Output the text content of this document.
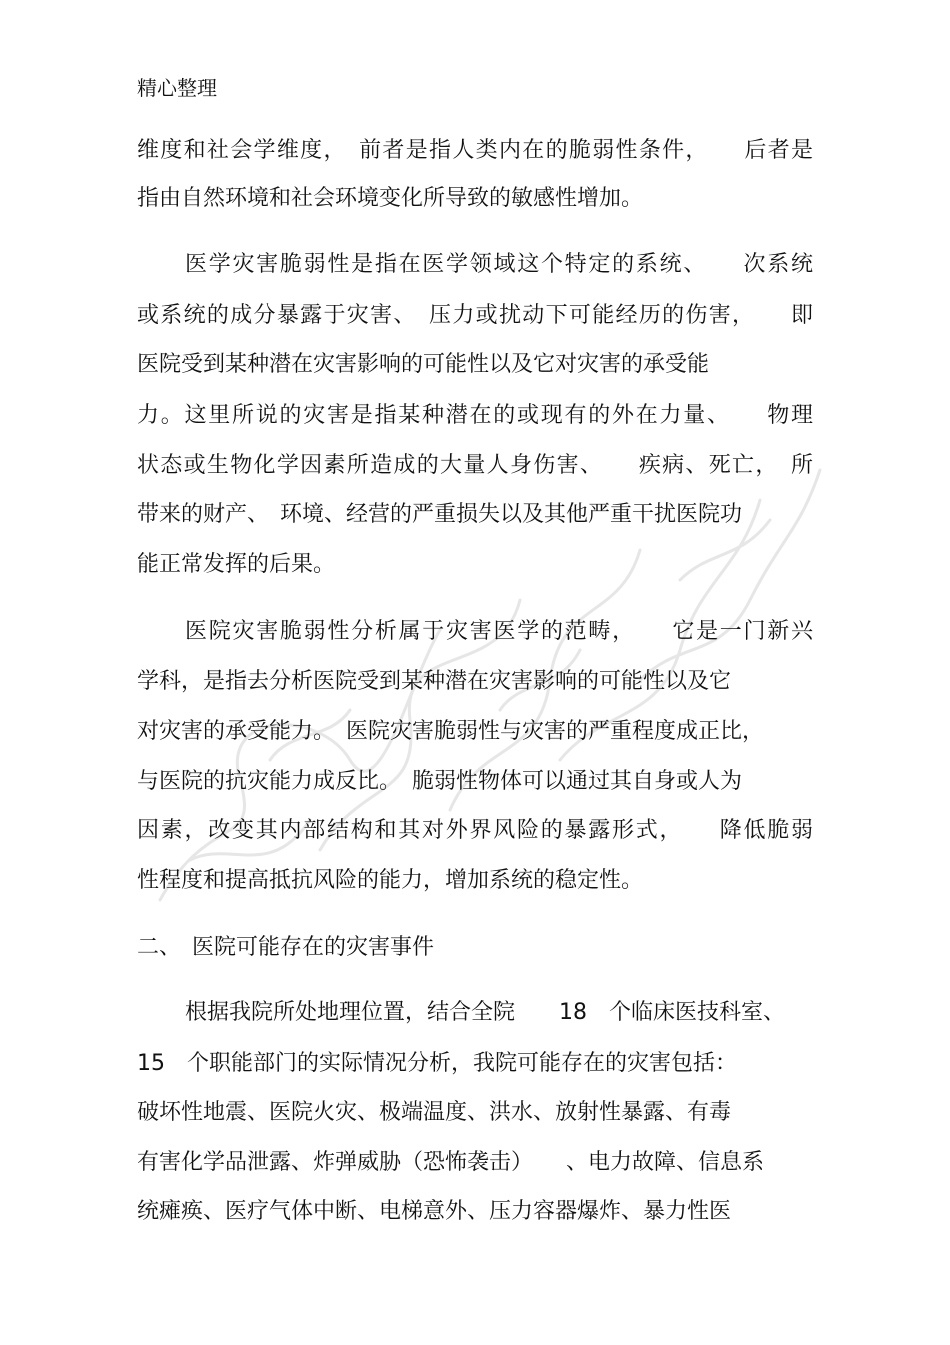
精心整理
维度和社会学维度，　前者是指人类内在的脆弱性条件，　　后者是
指由自然环境和社会环境变化所导致的敏感性增加。
医学灾害脆弱性是指在医学领域这个特定的系统、　　次系统
或系统的成分暴露于灾害、　压力或扰动下可能经历的伤害，　　即
医院受到某种潜在灾害影响的可能性以及它对灾害的承受能
力。这里所说的灾害是指某种潜在的或现有的外在力量、　　物理
状态或生物化学因素所造成的大量人身伤害、　　疾病、死亡，　所
带来的财产、　环境、经营的严重损失以及其他严重干扰医院功
能正常发挥的后果。
医院灾害脆弱性分析属于灾害医学的范畴，　　它是一门新兴
学科，是指去分析医院受到某种潜在灾害影响的可能性以及它
对灾害的承受能力。　医院灾害脆弱性与灾害的严重程度成正比，
与医院的抗灾能力成反比。　脆弱性物体可以通过其自身或人为
因素，改变其内部结构和其对外界风险的暴露形式，　　降低脆弱
性程度和提高抵抗风险的能力，增加系统的稳定性。
二、　医院可能存在的灾害事件
根据我院所处地理位置，结合全院　　18　个临床医技科室、
15　个职能部门的实际情况分析，我院可能存在的灾害包括：
破坏性地震、医院火灾、极端温度、洪水、放射性暴露、有毒
有害化学品泄露、炸弹威胁（恐怖袭击）　　、电力故障、信息系
统瘫痪、医疗气体中断、电梯意外、压力容器爆炸、暴力性医
